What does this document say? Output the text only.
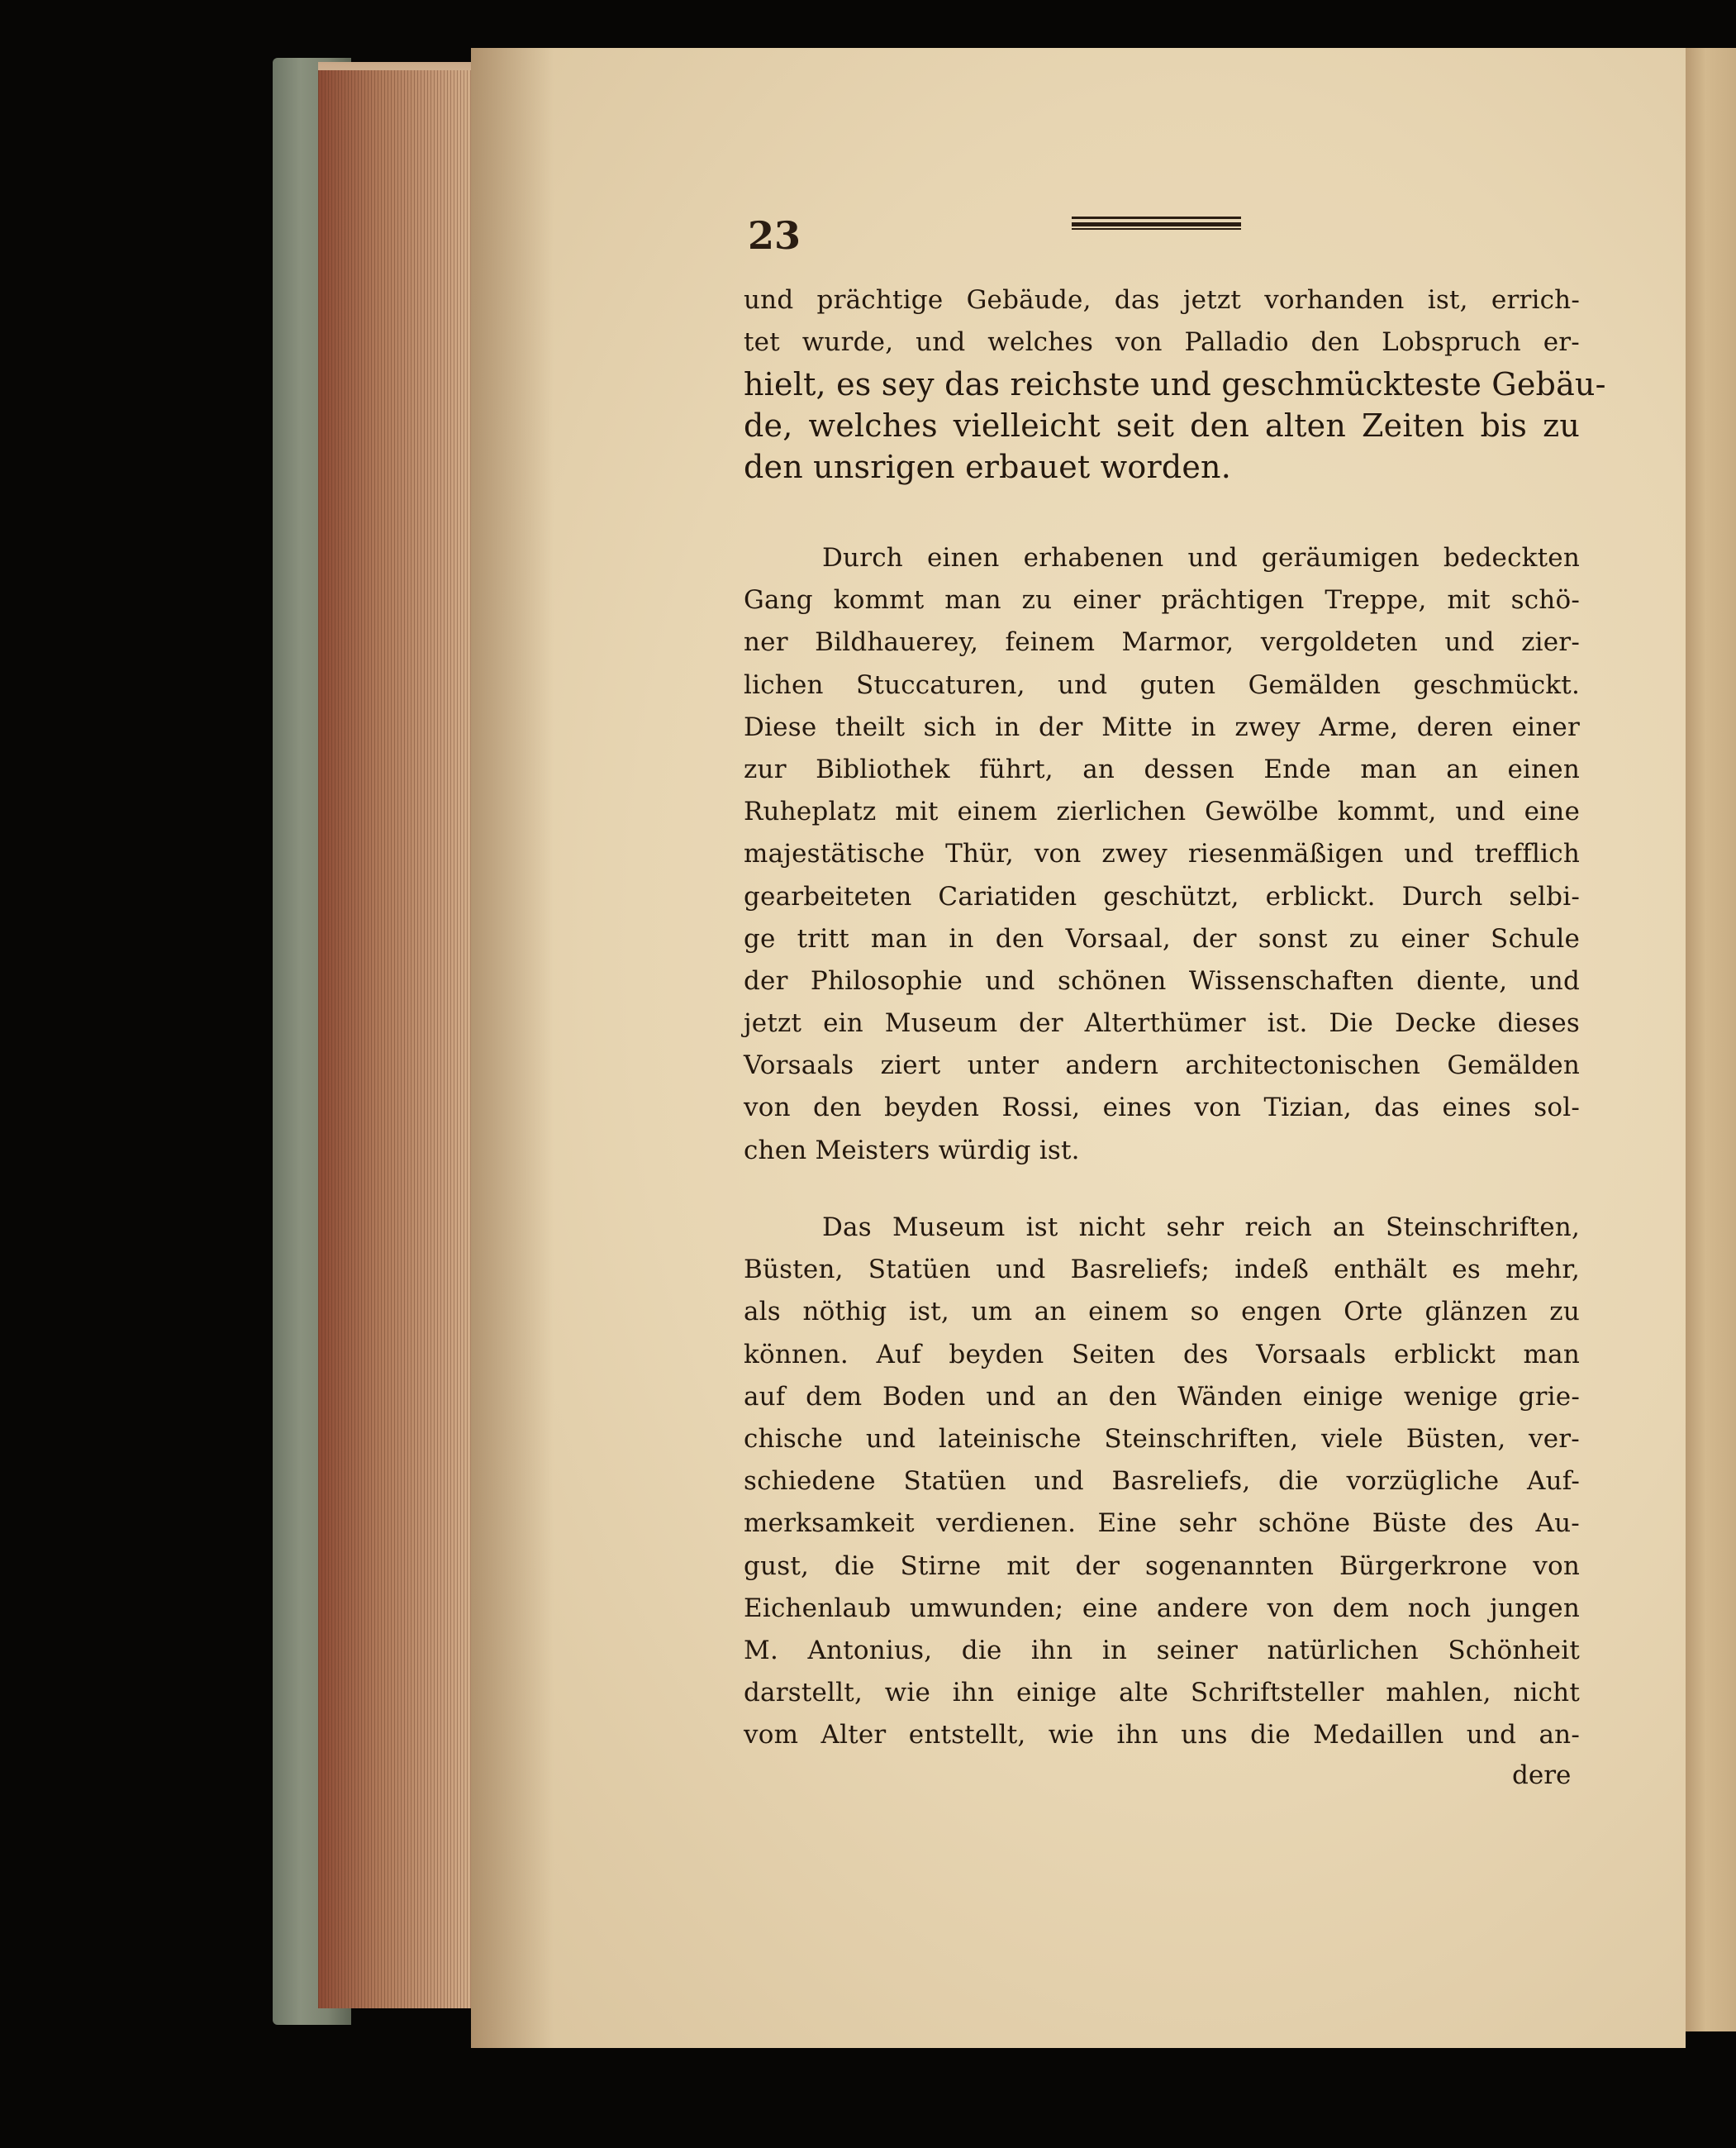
23

und prächtige Gebäude, das jetzt vorhanden ist, errich-
tet wurde, und welches von Palladio den Lobspruch er-
hielt, es sey das reichste und geschmückteste Gebäu-
de, welches vielleicht seit den alten Zeiten bis zu
den unsrigen erbauet worden.
Durch einen erhabenen und geräumigen bedeckten
Gang kommt man zu einer prächtigen Treppe, mit schö-
ner Bildhauerey, feinem Marmor, vergoldeten und zier-
lichen Stuccaturen, und guten Gemälden geschmückt.
Diese theilt sich in der Mitte in zwey Arme, deren einer
zur Bibliothek führt, an dessen Ende man an einen
Ruheplatz mit einem zierlichen Gewölbe kommt, und eine
majestätische Thür, von zwey riesenmäßigen und trefflich
gearbeiteten Cariatiden geschützt, erblickt. Durch selbi-
ge tritt man in den Vorsaal, der sonst zu einer Schule
der Philosophie und schönen Wissenschaften diente, und
jetzt ein Museum der Alterthümer ist. Die Decke dieses
Vorsaals ziert unter andern architectonischen Gemälden
von den beyden Rossi, eines von Tizian, das eines sol-
chen Meisters würdig ist.
Das Museum ist nicht sehr reich an Steinschriften,
Büsten, Statüen und Basreliefs; indeß enthält es mehr,
als nöthig ist, um an einem so engen Orte glänzen zu
können. Auf beyden Seiten des Vorsaals erblickt man
auf dem Boden und an den Wänden einige wenige grie-
chische und lateinische Steinschriften, viele Büsten, ver-
schiedene Statüen und Basreliefs, die vorzügliche Auf-
merksamkeit verdienen. Eine sehr schöne Büste des Au-
gust, die Stirne mit der sogenannten Bürgerkrone von
Eichenlaub umwunden; eine andere von dem noch jungen
M. Antonius, die ihn in seiner natürlichen Schönheit
darstellt, wie ihn einige alte Schriftsteller mahlen, nicht
vom Alter entstellt, wie ihn uns die Medaillen und an-

dere
